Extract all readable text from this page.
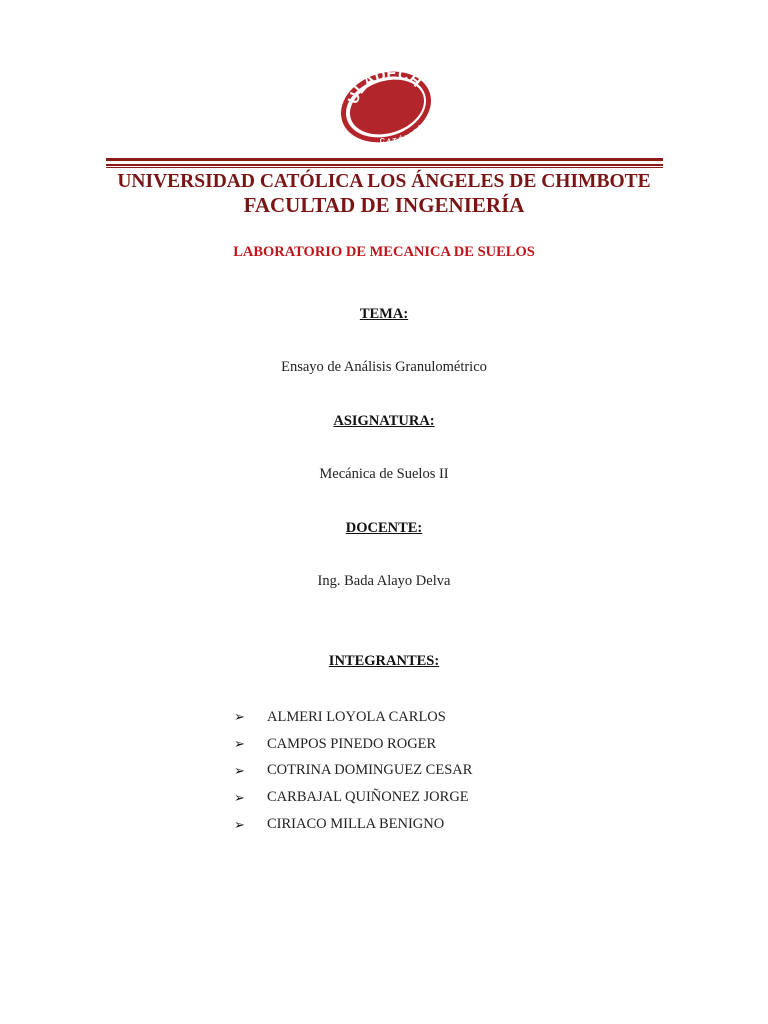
ULADECH
CATÓLICA
UNIVERSIDAD CATÓLICA LOS ÁNGELES DE CHIMBOTE
FACULTAD DE INGENIERÍA
LABORATORIO DE MECANICA DE SUELOS
TEMA:
Ensayo de Análisis Granulométrico
ASIGNATURA:
Mecánica de Suelos II
DOCENTE:
Ing. Bada Alayo Delva
INTEGRANTES:
➢	ALMERI LOYOLA CARLOS
➢	CAMPOS PINEDO ROGER
➢	COTRINA DOMINGUEZ CESAR
➢	CARBAJAL QUIÑONEZ JORGE
➢	CIRIACO MILLA BENIGNO
